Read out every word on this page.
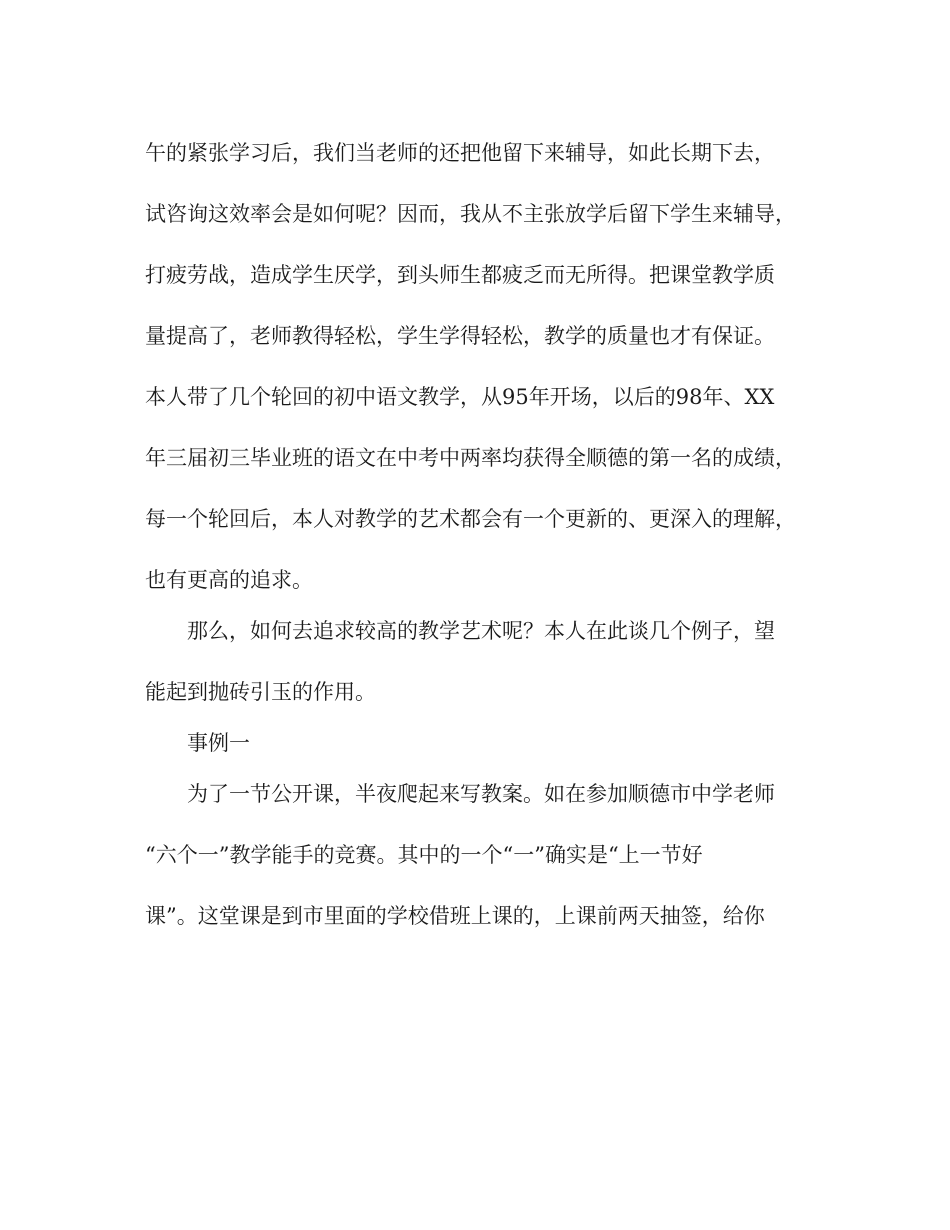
午的紧张学习后，我们当老师的还把他留下来辅导，如此长期下去，
试咨询这效率会是如何呢？因而，我从不主张放学后留下学生来辅导，
打疲劳战，造成学生厌学，到头师生都疲乏而无所得。把课堂教学质
量提高了，老师教得轻松，学生学得轻松，教学的质量也才有保证。
本人带了几个轮回的初中语文教学，从95年开场，以后的98年、XX
年三届初三毕业班的语文在中考中两率均获得全顺德的第一名的成绩，
每一个轮回后，本人对教学的艺术都会有一个更新的、更深入的理解，
也有更高的追求。
那么，如何去追求较高的教学艺术呢？本人在此谈几个例子，望
能起到抛砖引玉的作用。
事例一
为了一节公开课，半夜爬起来写教案。如在参加顺德市中学老师
“六个一”教学能手的竞赛。其中的一个“一”确实是“上一节好
课”。这堂课是到市里面的学校借班上课的，上课前两天抽签，给你
